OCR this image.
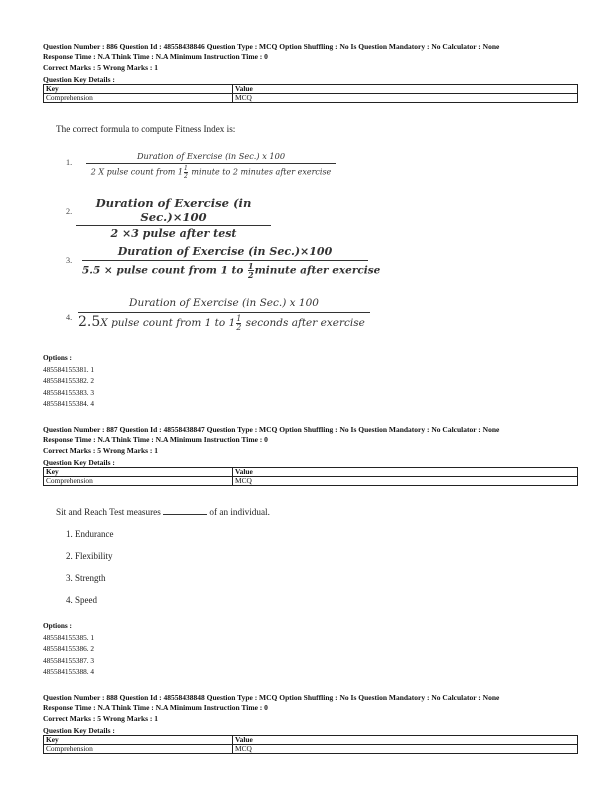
Question Number : 886 Question Id : 48558438846 Question Type : MCQ Option Shuffling : No Is Question Mandatory : No Calculator : None
Response Time : N.A Think Time : N.A Minimum Instruction Time : 0
Correct Marks : 5 Wrong Marks : 1
Question Key Details :
Key	Value
Comprehension	MCQ
The correct formula to compute Fitness Index is:
1.
Duration of Exercise (in Sec.) x 100
2 X pulse count from $1 \frac{1}{2}$ minute to 2 minutes after exercise
2.
Duration of Exercise (in Sec.)×100
2 ×3 pulse after test
3.
Duration of Exercise (in Sec.)×100
5.5 × pulse count from 1 to $\frac{1}{2}$ minute after exercise
4.
Duration of Exercise (in Sec.) x 100
2.5X pulse count from 1 to $1 \frac{1}{2}$ seconds after exercise
Options :
485584155381. 1
485584155382. 2
485584155383. 3
485584155384. 4
Question Number : 887 Question Id : 48558438847 Question Type : MCQ Option Shuffling : No Is Question Mandatory : No Calculator : None
Response Time : N.A Think Time : N.A Minimum Instruction Time : 0
Correct Marks : 5 Wrong Marks : 1
Question Key Details :
Key	Value
Comprehension	MCQ
Sit and Reach Test measures	of an individual.
1. Endurance
2. Flexibility
3. Strength
4. Speed
Options :
485584155385. 1
485584155386. 2
485584155387. 3
485584155388. 4
Question Number : 888 Question Id : 48558438848 Question Type : MCQ Option Shuffling : No Is Question Mandatory : No Calculator : None
Response Time : N.A Think Time : N.A Minimum Instruction Time : 0
Correct Marks : 5 Wrong Marks : 1
Question Key Details :
Key	Value
Comprehension	MCQ
